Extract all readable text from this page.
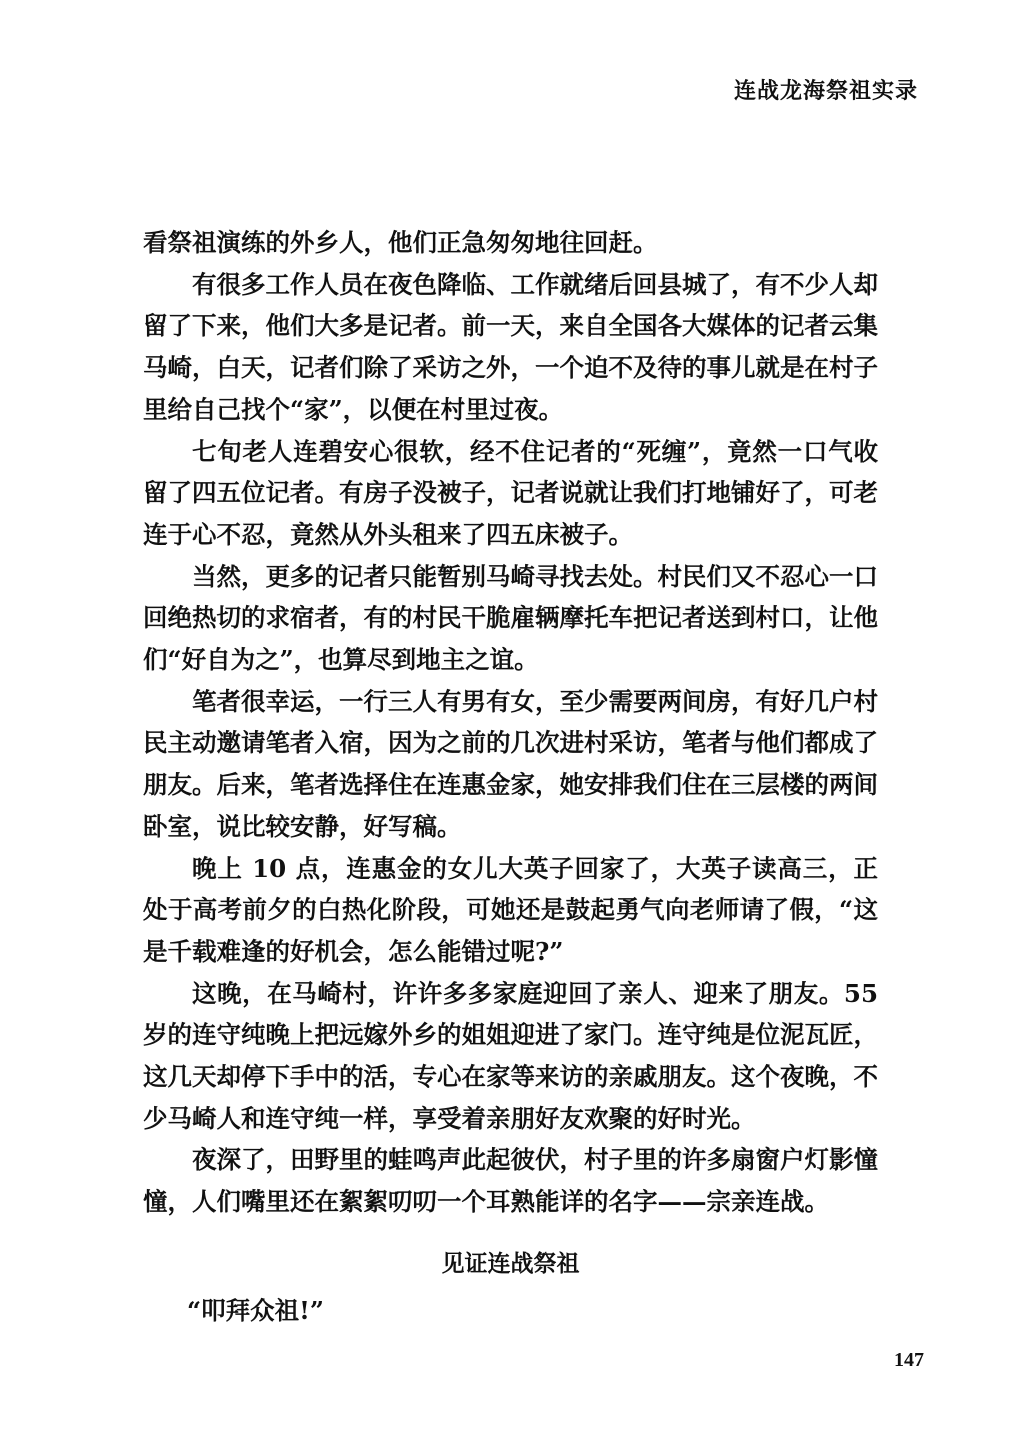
连战龙海祭祖实录

看祭祖演练的外乡人，他们正急匆匆地往回赶。

有很多工作人员在夜色降临、工作就绪后回县城了，有不少人却留了下来，他们大多是记者。前一天，来自全国各大媒体的记者云集马崎，白天，记者们除了采访之外，一个迫不及待的事儿就是在村子里给自己找个“家”，以便在村里过夜。

七旬老人连碧安心很软，经不住记者的“死缠”，竟然一口气收留了四五位记者。有房子没被子，记者说就让我们打地铺好了，可老连于心不忍，竟然从外头租来了四五床被子。

当然，更多的记者只能暂别马崎寻找去处。村民们又不忍心一口回绝热切的求宿者，有的村民干脆雇辆摩托车把记者送到村口，让他们“好自为之”，也算尽到地主之谊。

笔者很幸运，一行三人有男有女，至少需要两间房，有好几户村民主动邀请笔者入宿，因为之前的几次进村采访，笔者与他们都成了朋友。后来，笔者选择住在连惠金家，她安排我们住在三层楼的两间卧室，说比较安静，好写稿。

晚上 10 点，连惠金的女儿大英子回家了，大英子读高三，正处于高考前夕的白热化阶段，可她还是鼓起勇气向老师请了假，“这是千载难逢的好机会，怎么能错过呢?”

这晚，在马崎村，许许多多家庭迎回了亲人、迎来了朋友。55 岁的连守纯晚上把远嫁外乡的姐姐迎进了家门。连守纯是位泥瓦匠，这几天却停下手中的活，专心在家等来访的亲戚朋友。这个夜晚，不少马崎人和连守纯一样，享受着亲朋好友欢聚的好时光。

夜深了，田野里的蛙鸣声此起彼伏，村子里的许多扇窗户灯影憧憧，人们嘴里还在絮絮叨叨一个耳熟能详的名字——宗亲连战。

见证连战祭祖

“叩拜众祖!”

147
